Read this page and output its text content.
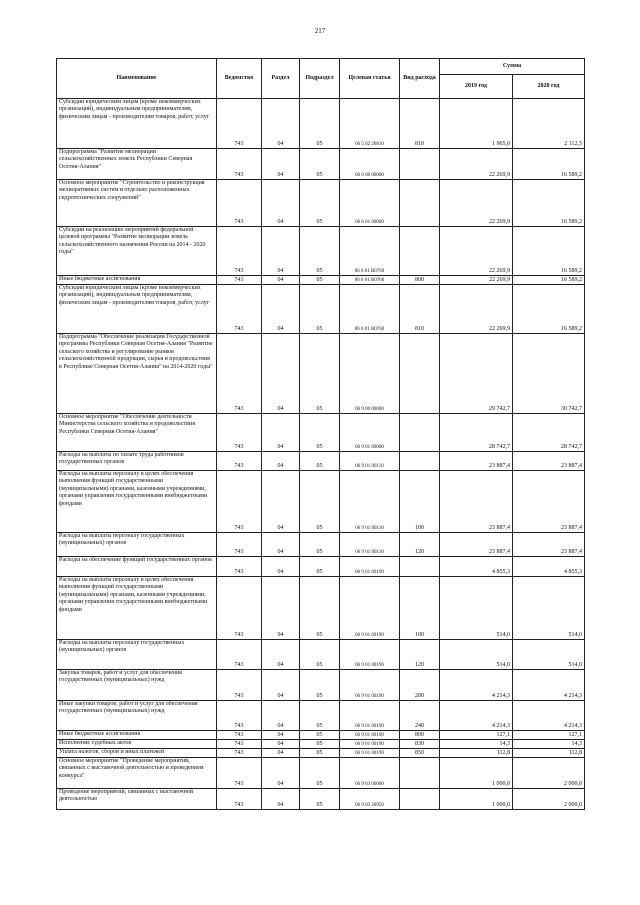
217
Наименование	Ведомство	Раздел	Подраздел	Целевая статья	Вид расхода	Сумма	
						2019 год	2020 год
Субсидии юридическим лицам (кроме некоммерческих организаций), индивидуальным предпринимателям, физическим лицам - производителям товаров, работ, услуг	743	04	05	06 5 02 20810	810	1 965,0	2 112,5
Подпрограмма "Развитие мелиорации сельскохозяйственных земель Республики Северная Осетия-Алания"	743	04	05	06 6 00 00000		22 269,9	16 589,2
Основное мероприятие "Строительство и реконструкция мелиоративных систем и отдельно расположенных гидротехнических сооружений"	743	04	05	06 6 01 00000		22 269,9	16 589,2
Субсидии на реализацию мероприятий федеральной целевой программы "Развитие мелиорации земель сельскохозяйственного назначения России на 2014 - 2020 годы"	743	04	05	06 6 01 R0760		22 269,9	16 589,2
Иные бюджетные ассигнования	743	04	05	06 6 01 R0760	800	22 269,9	16 589,2
Субсидии юридическим лицам (кроме некоммерческих организаций), индивидуальным предпринимателям, физическим лицам - производителям товаров, работ, услуг	743	04	05	06 6 01 R0760	810	22 269,9	16 589,2
Подпрограмма "Обеспечение реализации Государственной программы Республики Северная Осетия-Алания "Развитие сельского хозяйства и регулирование рынков сельскохозяйственной продукции, сырья и продовольствия в Республике Северная Осетия-Алания" на 2014-2020 годы"	743	04	05	06 9 00 00000		29 742,7	30 742,7
Основное мероприятие "Обеспечение деятельности Министерства сельского хозяйства и продовольствия Республики Северная Осетия-Алания"	743	04	05	06 9 01 00000		28 742,7	28 742,7
Расходы на выплаты по оплате труда работников государственных органов	743	04	05	06 9 01 00110		23 887,4	23 887,4
Расходы на выплаты персоналу в целях обеспечения выполнения функций государственными (муниципальными) органами, казенными учреждениями, органами управления государственными внебюджетными фондами	743	04	05	06 9 01 00110	100	23 887,4	23 887,4
Расходы на выплаты персоналу государственных (муниципальных) органов	743	04	05	06 9 01 00110	120	23 887,4	23 887,4
Расходы на обеспечение функций государственных органов	743	04	05	06 9 01 00190		4 855,3	4 855,3
Расходы на выплаты персоналу в целях обеспечения выполнения функций государственными (муниципальными) органами, казенными учреждениями, органами управления государственными внебюджетными фондами	743	04	05	06 9 01 00190	100	514,0	514,0
Расходы на выплаты персоналу государственных (муниципальных) органов	743	04	05	06 9 01 00190	120	514,0	514,0
Закупка товаров, работ и услуг для обеспечения государственных (муниципальных) нужд	743	04	05	06 9 01 00190	200	4 214,3	4 214,3
Иные закупки товаров, работ и услуг для обеспечения государственных (муниципальных) нужд	743	04	05	06 9 01 00190	240	4 214,3	4 214,3
Иные бюджетные ассигнования	743	04	05	06 9 01 00190	800	127,1	127,1
Исполнение судебных актов	743	04	05	06 9 01 00190	830	14,3	14,3
Уплата налогов, сборов и иных платежей	743	04	05	06 9 01 00190	850	112,8	112,8
Основное мероприятие "Проведение мероприятий, связанных с выставочной деятельностью и проведением конкурса"	743	04	05	06 9 03 00000		1 000,0	2 000,0
Проведение мероприятий, связанных с выставочной деятельностью	743	04	05	06 9 03 20950		1 000,0	2 000,0
